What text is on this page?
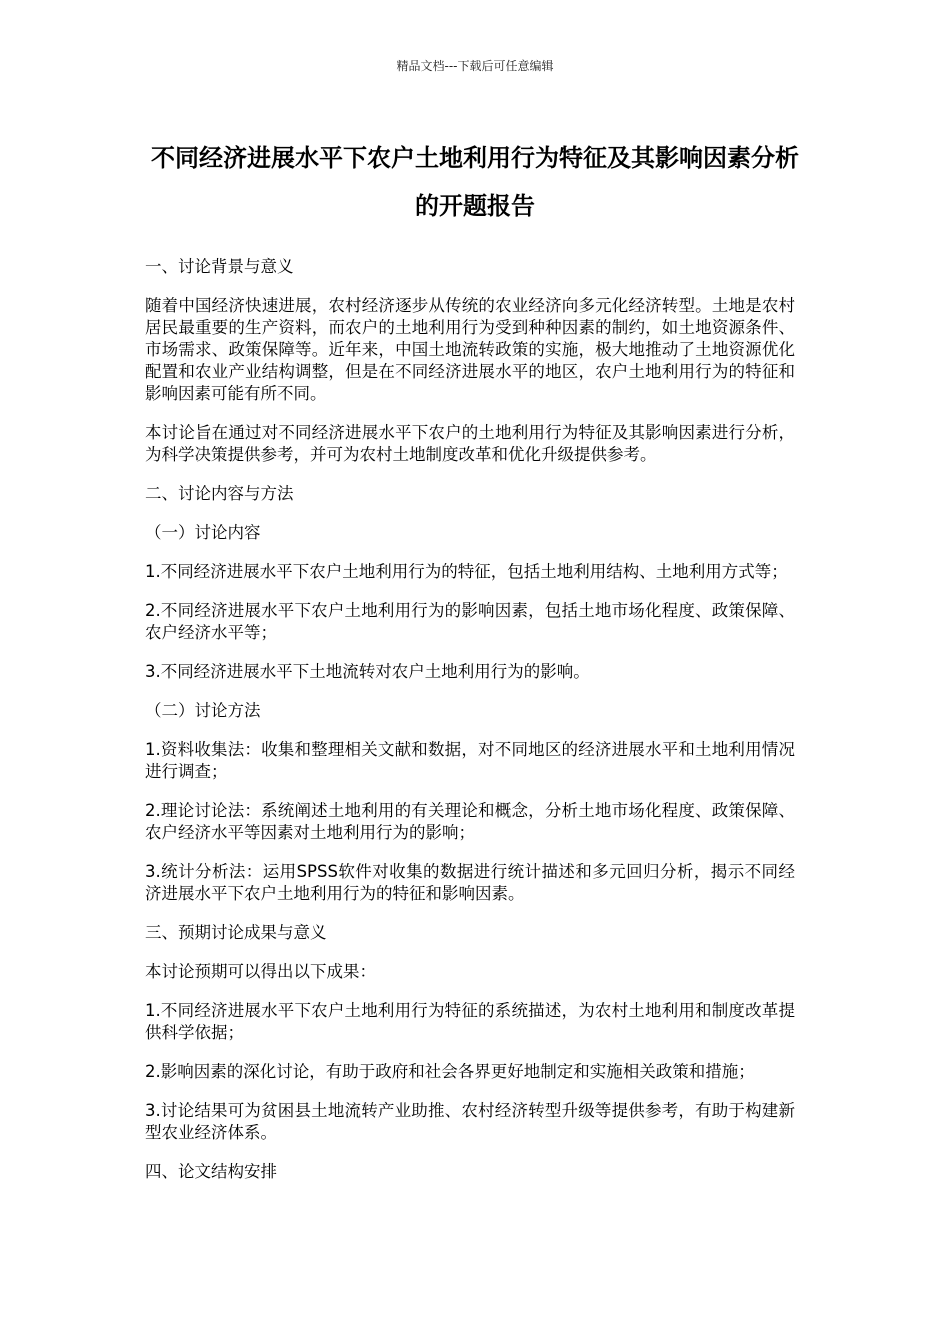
精品文档---下载后可任意编辑
不同经济进展水平下农户土地利用行为特征及其影响因素分析的开题报告

一、讨论背景与意义

随着中国经济快速进展，农村经济逐步从传统的农业经济向多元化经济转型。土地是农村居民最重要的生产资料，而农户的土地利用行为受到种种因素的制约，如土地资源条件、市场需求、政策保障等。近年来，中国土地流转政策的实施，极大地推动了土地资源优化配置和农业产业结构调整，但是在不同经济进展水平的地区，农户土地利用行为的特征和影响因素可能有所不同。

本讨论旨在通过对不同经济进展水平下农户的土地利用行为特征及其影响因素进行分析，为科学决策提供参考，并可为农村土地制度改革和优化升级提供参考。

二、讨论内容与方法

（一）讨论内容

1.不同经济进展水平下农户土地利用行为的特征，包括土地利用结构、土地利用方式等；

2.不同经济进展水平下农户土地利用行为的影响因素，包括土地市场化程度、政策保障、农户经济水平等；

3.不同经济进展水平下土地流转对农户土地利用行为的影响。

（二）讨论方法

1.资料收集法：收集和整理相关文献和数据，对不同地区的经济进展水平和土地利用情况进行调查；

2.理论讨论法：系统阐述土地利用的有关理论和概念，分析土地市场化程度、政策保障、农户经济水平等因素对土地利用行为的影响；

3.统计分析法：运用SPSS软件对收集的数据进行统计描述和多元回归分析，揭示不同经济进展水平下农户土地利用行为的特征和影响因素。

三、预期讨论成果与意义

本讨论预期可以得出以下成果：

1.不同经济进展水平下农户土地利用行为特征的系统描述，为农村土地利用和制度改革提供科学依据；

2.影响因素的深化讨论，有助于政府和社会各界更好地制定和实施相关政策和措施；

3.讨论结果可为贫困县土地流转产业助推、农村经济转型升级等提供参考，有助于构建新型农业经济体系。

四、论文结构安排
